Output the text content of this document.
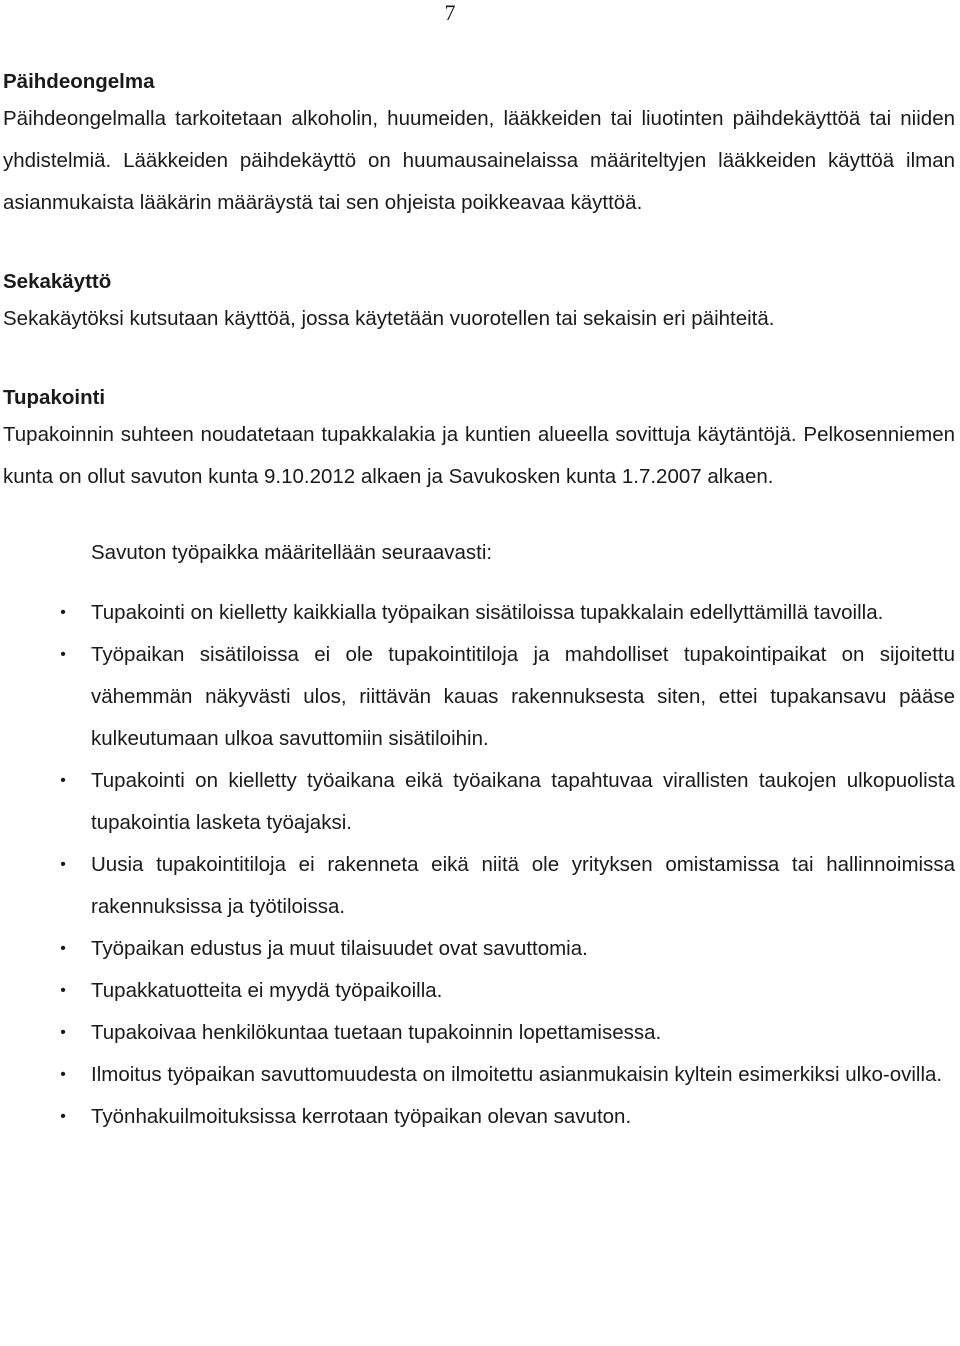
7
Päihdeongelma

Päihdeongelmalla tarkoitetaan alkoholin, huumeiden, lääkkeiden tai liuotinten päihdekäyttöä tai niiden yhdistelmiä. Lääkkeiden päihdekäyttö on huumausainelaissa määriteltyjen lääkkeiden käyttöä ilman asianmukaista lääkärin määräystä tai sen ohjeista poikkeavaa käyttöä.

Sekakäyttö

Sekakäytöksi kutsutaan käyttöä, jossa käytetään vuorotellen tai sekaisin eri päihteitä.

Tupakointi

Tupakoinnin suhteen noudatetaan tupakkalakia ja kuntien alueella sovittuja käytäntöjä. Pelkosenniemen kunta on ollut savuton kunta 9.10.2012 alkaen ja Savukosken kunta 1.7.2007 alkaen.

Savuton työpaikka määritellään seuraavasti:

•	Tupakointi on kielletty kaikkialla työpaikan sisätiloissa tupakkalain edellyttämillä tavoilla.
•	Työpaikan sisätiloissa ei ole tupakointitiloja ja mahdolliset tupakointipaikat on sijoitettu vähemmän näkyvästi ulos, riittävän kauas rakennuksesta siten, ettei tupakansavu pääse kulkeutumaan ulkoa savuttomiin sisätiloihin.
•	Tupakointi on kielletty työaikana eikä työaikana tapahtuvaa virallisten taukojen ulkopuolista tupakointia lasketa työajaksi.
•	Uusia tupakointitiloja ei rakenneta eikä niitä ole yrityksen omistamissa tai hallinnoimissa rakennuksissa ja työtiloissa.
•	Työpaikan edustus ja muut tilaisuudet ovat savuttomia.
•	Tupakkatuotteita ei myydä työpaikoilla.
•	Tupakoivaa henkilökuntaa tuetaan tupakoinnin lopettamisessa.
•	Ilmoitus työpaikan savuttomuudesta on ilmoitettu asianmukaisin kyltein esimerkiksi ulko-ovilla.
•	Työnhakuilmoituksissa kerrotaan työpaikan olevan savuton.
